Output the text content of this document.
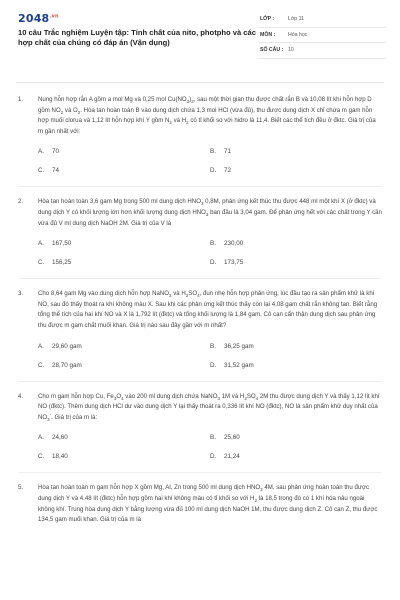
$2048^{.vn}$
10 câu Trắc nghiệm Luyện tập: Tính chất của nito, photpho và các hợp chất của chúng có đáp án (Vận dụng)
LỚP :	Lớp 11
MÔN :	Hóa học
SỐ CÂU : 10
1.	Nung hỗn hợp rắn A gồm a mol Mg và 0,25 mol $Cu(NO_3)_2$, sau một thời gian thu được chất rắn B và 10,08 lít khí hỗn hợp D gồm $NO_2$ và $O_2$. Hòa tan hoàn toàn B vào dung dịch chứa 1,3 mol HCl (vừa đủ), thu được dung dịch X chỉ chứa m gam hỗn hợp muối clorua và 1,12 lít hỗn hợp khí Y gồm $N_2$ và $H_2$ có tỉ khối so với hidro là 11,4. Biết các thể tích đều ở đktc. Giá trị của m gần nhất với:
A.	70	B.	71
C.	74	D.	72
2.	Hòa tan hoàn toàn 3,6 gam Mg trong 500 ml dung dịch $HNO_3$ 0,8M, phản ứng kết thúc thu được 448 ml một khí X (ở đktc) và dung dịch Y có khối lượng lớn hơn khối lượng dung dịch $HNO_3$ ban đầu là 3,04 gam. Để phản ứng hết với các chất trong Y cần vừa đủ V ml dung dịch NaOH 2M. Giá trị của V là
A.	167,50	B.	230,00
C.	156,25	D.	173,75
3.	Cho 8,64 gam Mg vào dung dịch hỗn hợp NaNO$_3$ và $H_2SO_4$, đun nhẹ hỗn hợp phản ứng, lúc đầu tạo ra sản phẩm khử là khí NO, sau đó thấy thoát ra khí không màu X. Sau khi các phản ứng kết thúc thấy còn lại 4,08 gam chất rắn không tan. Biết rằng tổng thể tích của hai khí NO và X là 1,792 lít (đktc) và tổng khối lượng là 1,84 gam. Cô cạn cẩn thận dung dịch sau phản ứng thu được m gam chất muối khan. Giá trị nào sau đây gần với m nhất?
A.	29,60 gam	B.	36,25 gam
C.	28,70 gam	D.	31,52 gam
4.	Cho m gam hỗn hợp Cu, $Fe_3O_4$ vào 200 ml dung dịch chứa NaNO$_3$ 1M và $H_2SO_4$ 2M thu được dung dịch Y và thấy 1,12 lít khí NO (đktc). Thêm dung dịch HCl dư vào dung dịch Y lại thấy thoát ra 0,336 lít khí NO (đktc), NO là sản phẩm khử duy nhất của $NO_3^-$. Giá trị của m là:
A.	24,60	B.	25,60
C.	18,40	D.	21,24
5.	Hòa tan hoàn toàn m gam hỗn hợp X gồm Mg, Al, Zn trong 500 ml dung dịch $HNO_3$ 4M, sau phản ứng hoàn toàn thu được dung dịch Y và 4,48 lít (đktc) hỗn hợp gồm hai khí không màu có tỉ khối so với $H_2$ là 18,5 trong đó có 1 khí hóa nâu ngoài không khí. Trung hòa dung dịch Y bằng lượng vừa đủ 100 ml dung dịch NaOH 1M, thu được dung dịch Z. Cô cạn Z, thu được 134,5 gam muối khan. Giá trị của m là
